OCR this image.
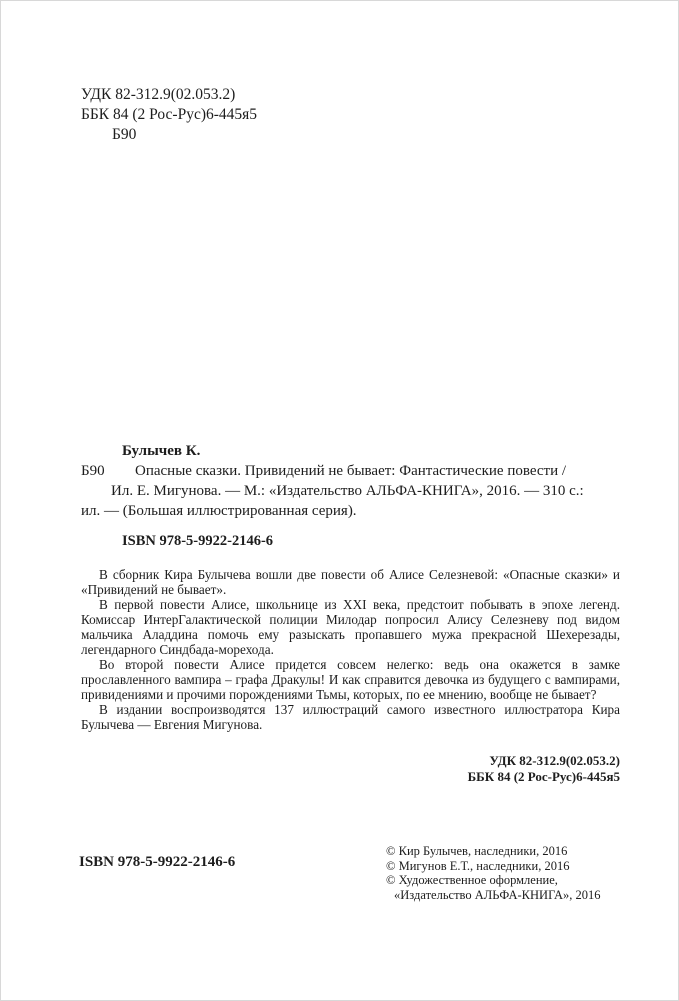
УДК 82-312.9(02.053.2)
ББК 84 (2 Рос-Рус)6-445я5
Б90
Булычев К.
Б90 Опасные сказки. Привидений не бывает: Фантастические повести /
Ил. Е. Мигунова. — М.: «Издательство АЛЬФА-КНИГА», 2016. — 310 с.:
ил. — (Большая иллюстрированная серия).
ISBN 978-5-9922-2146-6

В сборник Кира Булычева вошли две повести об Алисе Селезневой: «Опасные сказки» и «Привидений не бывает».

В первой повести Алисе, школьнице из XXI века, предстоит побывать в эпохе легенд. Комиссар ИнтерГалактической полиции Милодар попросил Алису Селезневу под видом мальчика Аладдина помочь ему разыскать пропавшего мужа прекрасной Шехерезады, легендарного Синдбада-морехода.

Во второй повести Алисе придется совсем нелегко: ведь она окажется в замке прославленного вампира – графа Дракулы! И как справится девочка из будущего с вампирами, привидениями и прочими порождениями Тьмы, которых, по ее мнению, вообще не бывает?

В издании воспроизводятся 137 иллюстраций самого известного иллюстратора Кира Булычева — Евгения Мигунова.

УДК 82-312.9(02.053.2)
ББК 84 (2 Рос-Рус)6-445я5
© Кир Булычев, наследники, 2016
© Мигунов Е.Т., наследники, 2016
© Художественное оформление,
«Издательство АЛЬФА-КНИГА», 2016
ISBN 978-5-9922-2146-6
